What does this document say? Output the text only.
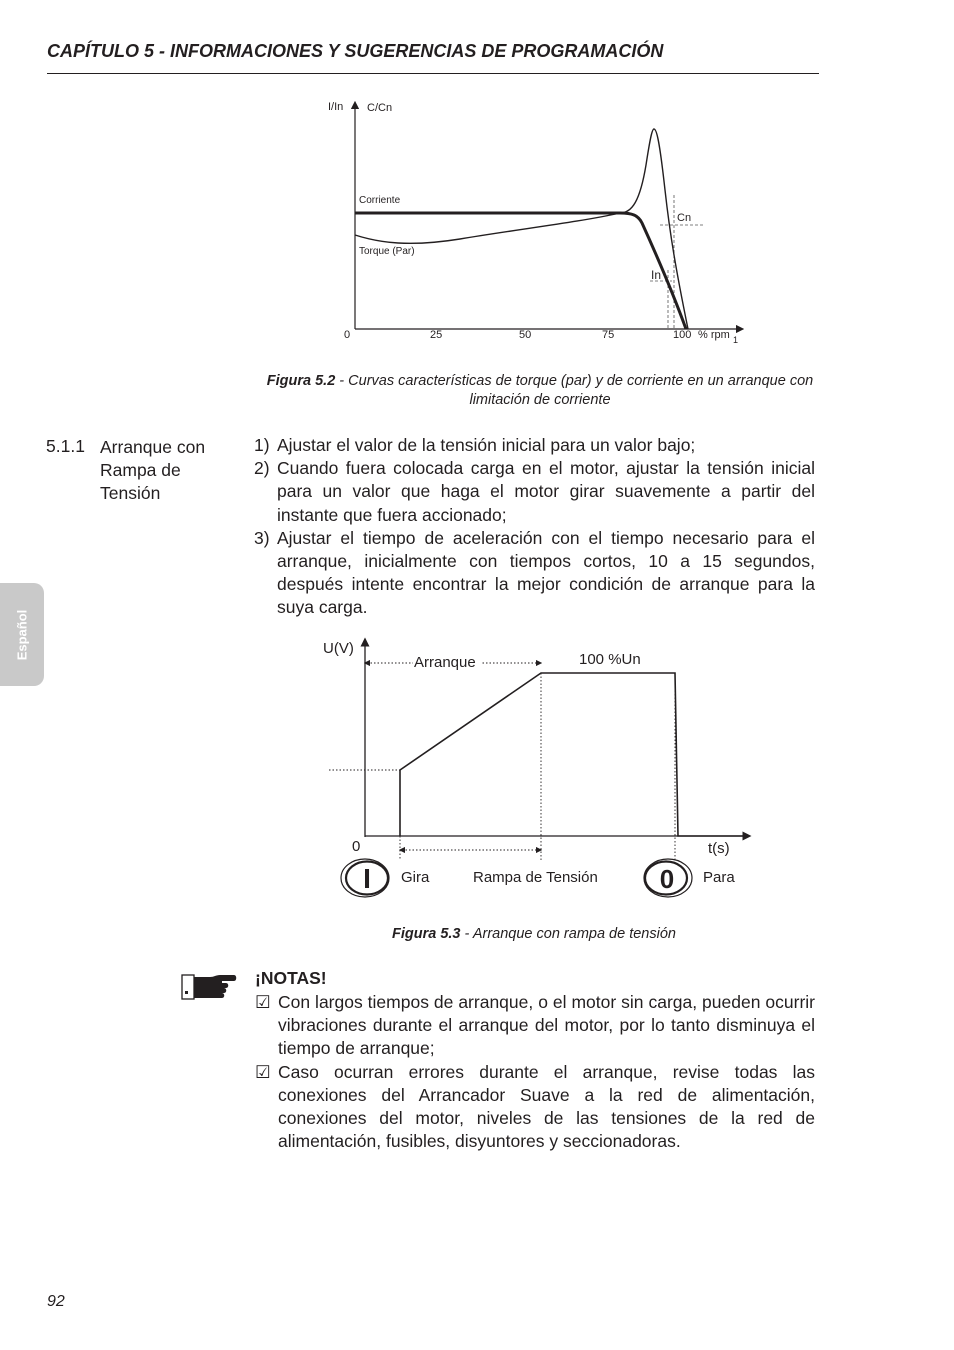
CAPÍTULO 5 - INFORMACIONES Y SUGERENCIAS DE PROGRAMACIÓN
Español
I/In C/Cn
Corriente
Torque (Par)
Cn
In
0	25	50	75	100 % rpm 1
Figura 5.2 - Curvas características de torque (par) y de corriente en un arranque con limitación de corriente
5.1.1 Arranque con Rampa de Tensión
1) Ajustar el valor de la tensión inicial para un valor bajo;
2) Cuando fuera colocada carga en el motor, ajustar la tensión inicial para un valor que haga el motor girar suavemente a partir del instante que fuera accionado;
3) Ajustar el tiempo de aceleración con el tiempo necesario para el arranque, inicialmente con tiempos cortos, 10 a 15 segundos, después intente encontrar la mejor condición de arranque para la suya carga.
Arranque
U(V)
100 %Un
0	t(s)
I Gira	Rampa de Tensión 0 Para
Figura 5.3 - Arranque con rampa de tensión
¡NOTAS!
☑ Con largos tiempos de arranque, o el motor sin carga, pueden ocurrir vibraciones durante el arranque del motor, por lo tanto disminuya el tiempo de arranque;
☑ Caso ocurran errores durante el arranque, revise todas las conexiones del Arrancador Suave a la red de alimentación, conexiones del motor, niveles de las tensiones de la red de alimentación, fusibles, disyuntores y seccionadoras.
92
